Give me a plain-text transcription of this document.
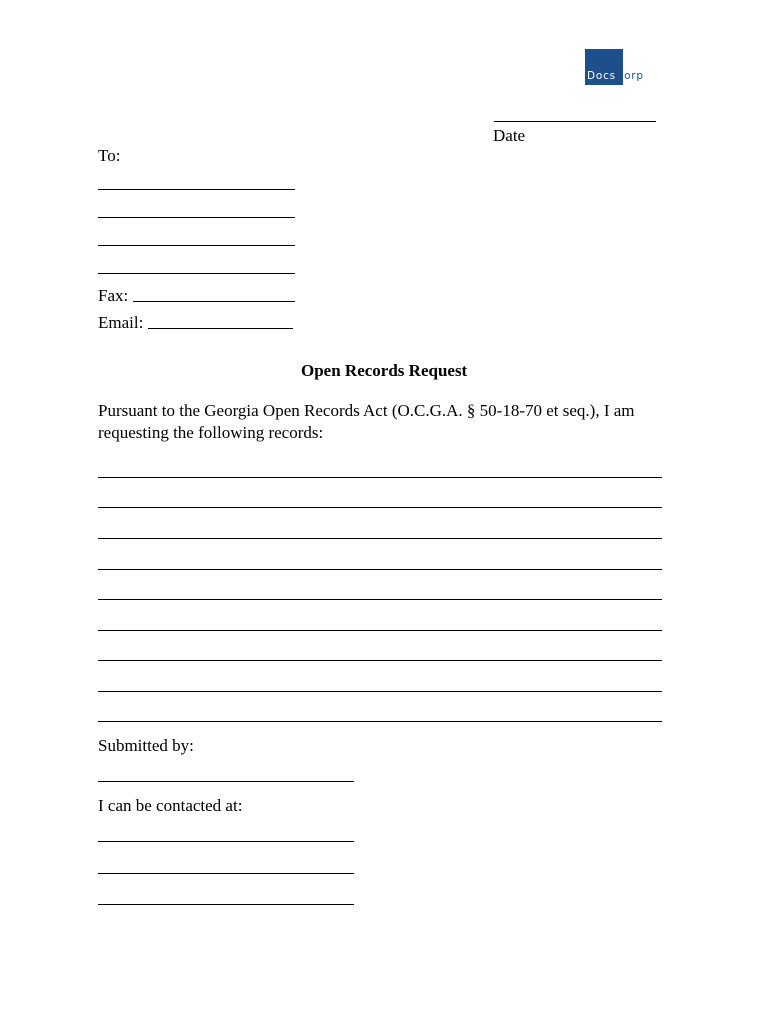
DocsCorp
Date
To:
Fax:
Email:
Open Records Request
Pursuant to the Georgia Open Records Act (O.C.G.A. § 50-18-70 et seq.), I am
requesting the following records:
Submitted by:
I can be contacted at:
